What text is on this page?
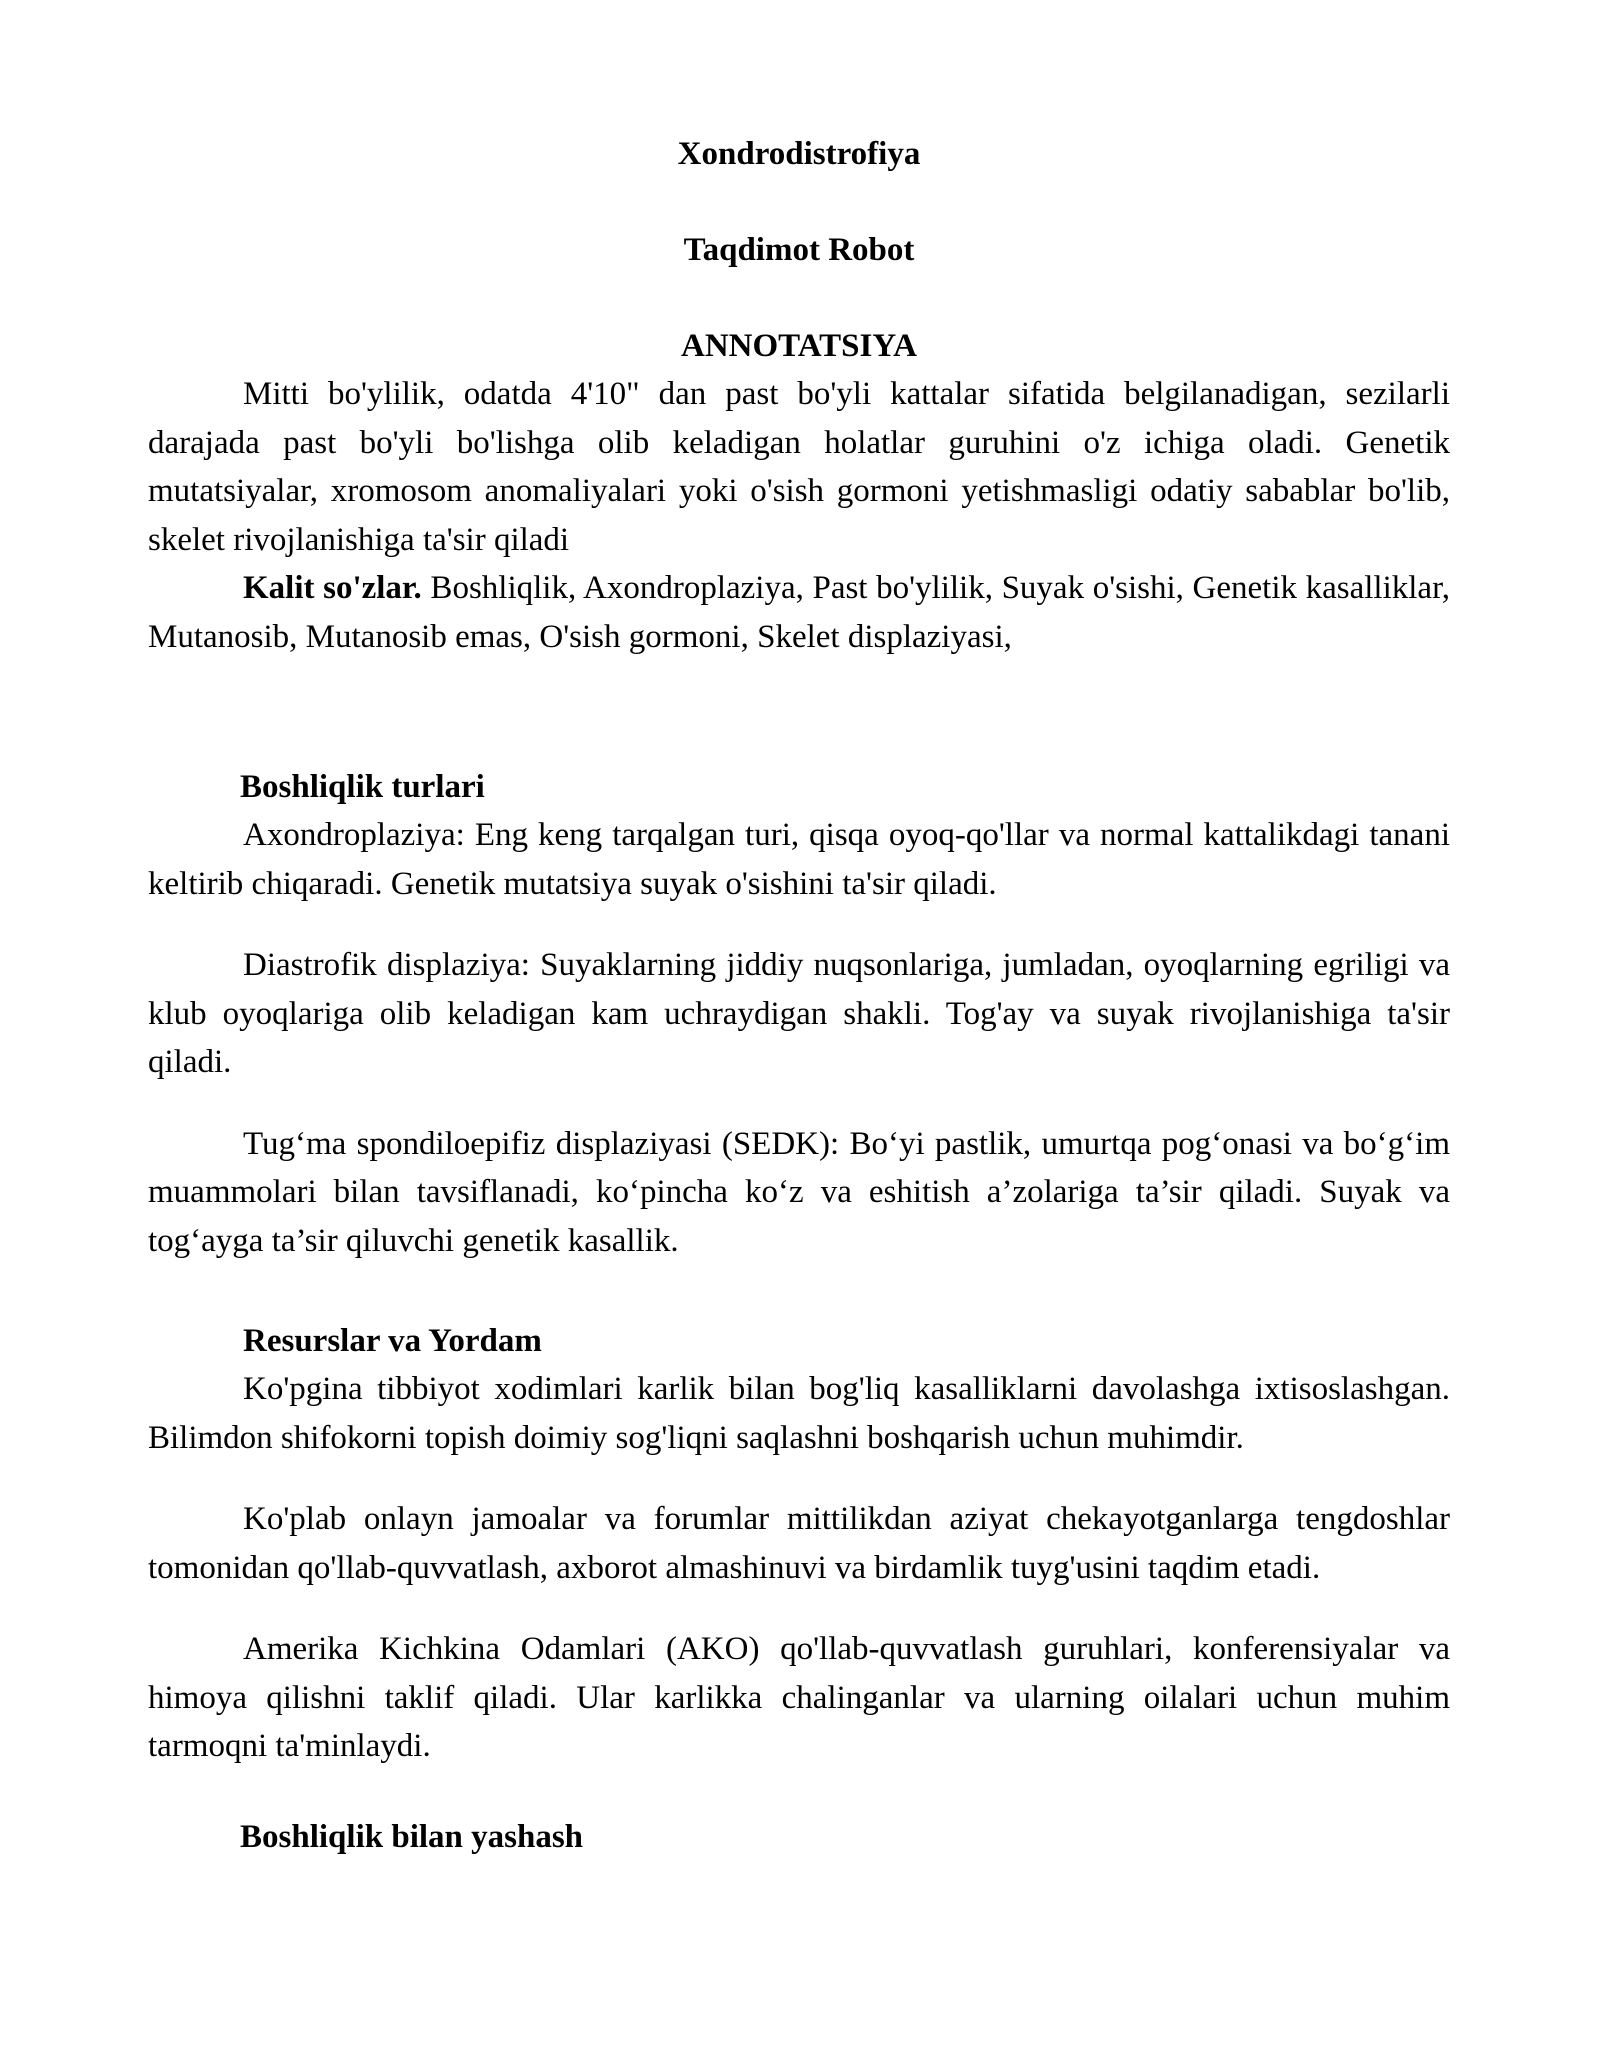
Xondrodistrofiya
Taqdimot Robot
ANNOTATSIYA

Mitti bo'ylilik, odatda 4'10" dan past bo'yli kattalar sifatida belgilanadigan, sezilarli darajada past bo'yli bo'lishga olib keladigan holatlar guruhini o'z ichiga oladi. Genetik mutatsiyalar, xromosom anomaliyalari yoki o'sish gormoni yetishmasligi odatiy sabablar bo'lib, skelet rivojlanishiga ta'sir qiladi

Kalit so'zlar. Boshliqlik, Axondroplaziya, Past bo'ylilik, Suyak o'sishi, Genetik kasalliklar, Mutanosib, Mutanosib emas, O'sish gormoni, Skelet displaziyasi,

Boshliqlik turlari

Axondroplaziya: Eng keng tarqalgan turi, qisqa oyoq-qo'llar va normal kattalikdagi tanani keltirib chiqaradi. Genetik mutatsiya suyak o'sishini ta'sir qiladi.

Diastrofik displaziya: Suyaklarning jiddiy nuqsonlariga, jumladan, oyoqlarning egriligi va klub oyoqlariga olib keladigan kam uchraydigan shakli. Tog'ay va suyak rivojlanishiga ta'sir qiladi.

Tug‘ma spondiloepifiz displaziyasi (SEDK): Bo‘yi pastlik, umurtqa pog‘onasi va bo‘g‘im muammolari bilan tavsiflanadi, ko‘pincha ko‘z va eshitish a’zolariga ta’sir qiladi. Suyak va tog‘ayga ta’sir qiluvchi genetik kasallik.

Resurslar va Yordam

Ko'pgina tibbiyot xodimlari karlik bilan bog'liq kasalliklarni davolashga ixtisoslashgan. Bilimdon shifokorni topish doimiy sog'liqni saqlashni boshqarish uchun muhimdir.

Ko'plab onlayn jamoalar va forumlar mittilikdan aziyat chekayotganlarga tengdoshlar tomonidan qo'llab-quvvatlash, axborot almashinuvi va birdamlik tuyg'usini taqdim etadi.

Amerika Kichkina Odamlari (AKO) qo'llab-quvvatlash guruhlari, konferensiyalar va himoya qilishni taklif qiladi. Ular karlikka chalinganlar va ularning oilalari uchun muhim tarmoqni ta'minlaydi.

Boshliqlik bilan yashash
